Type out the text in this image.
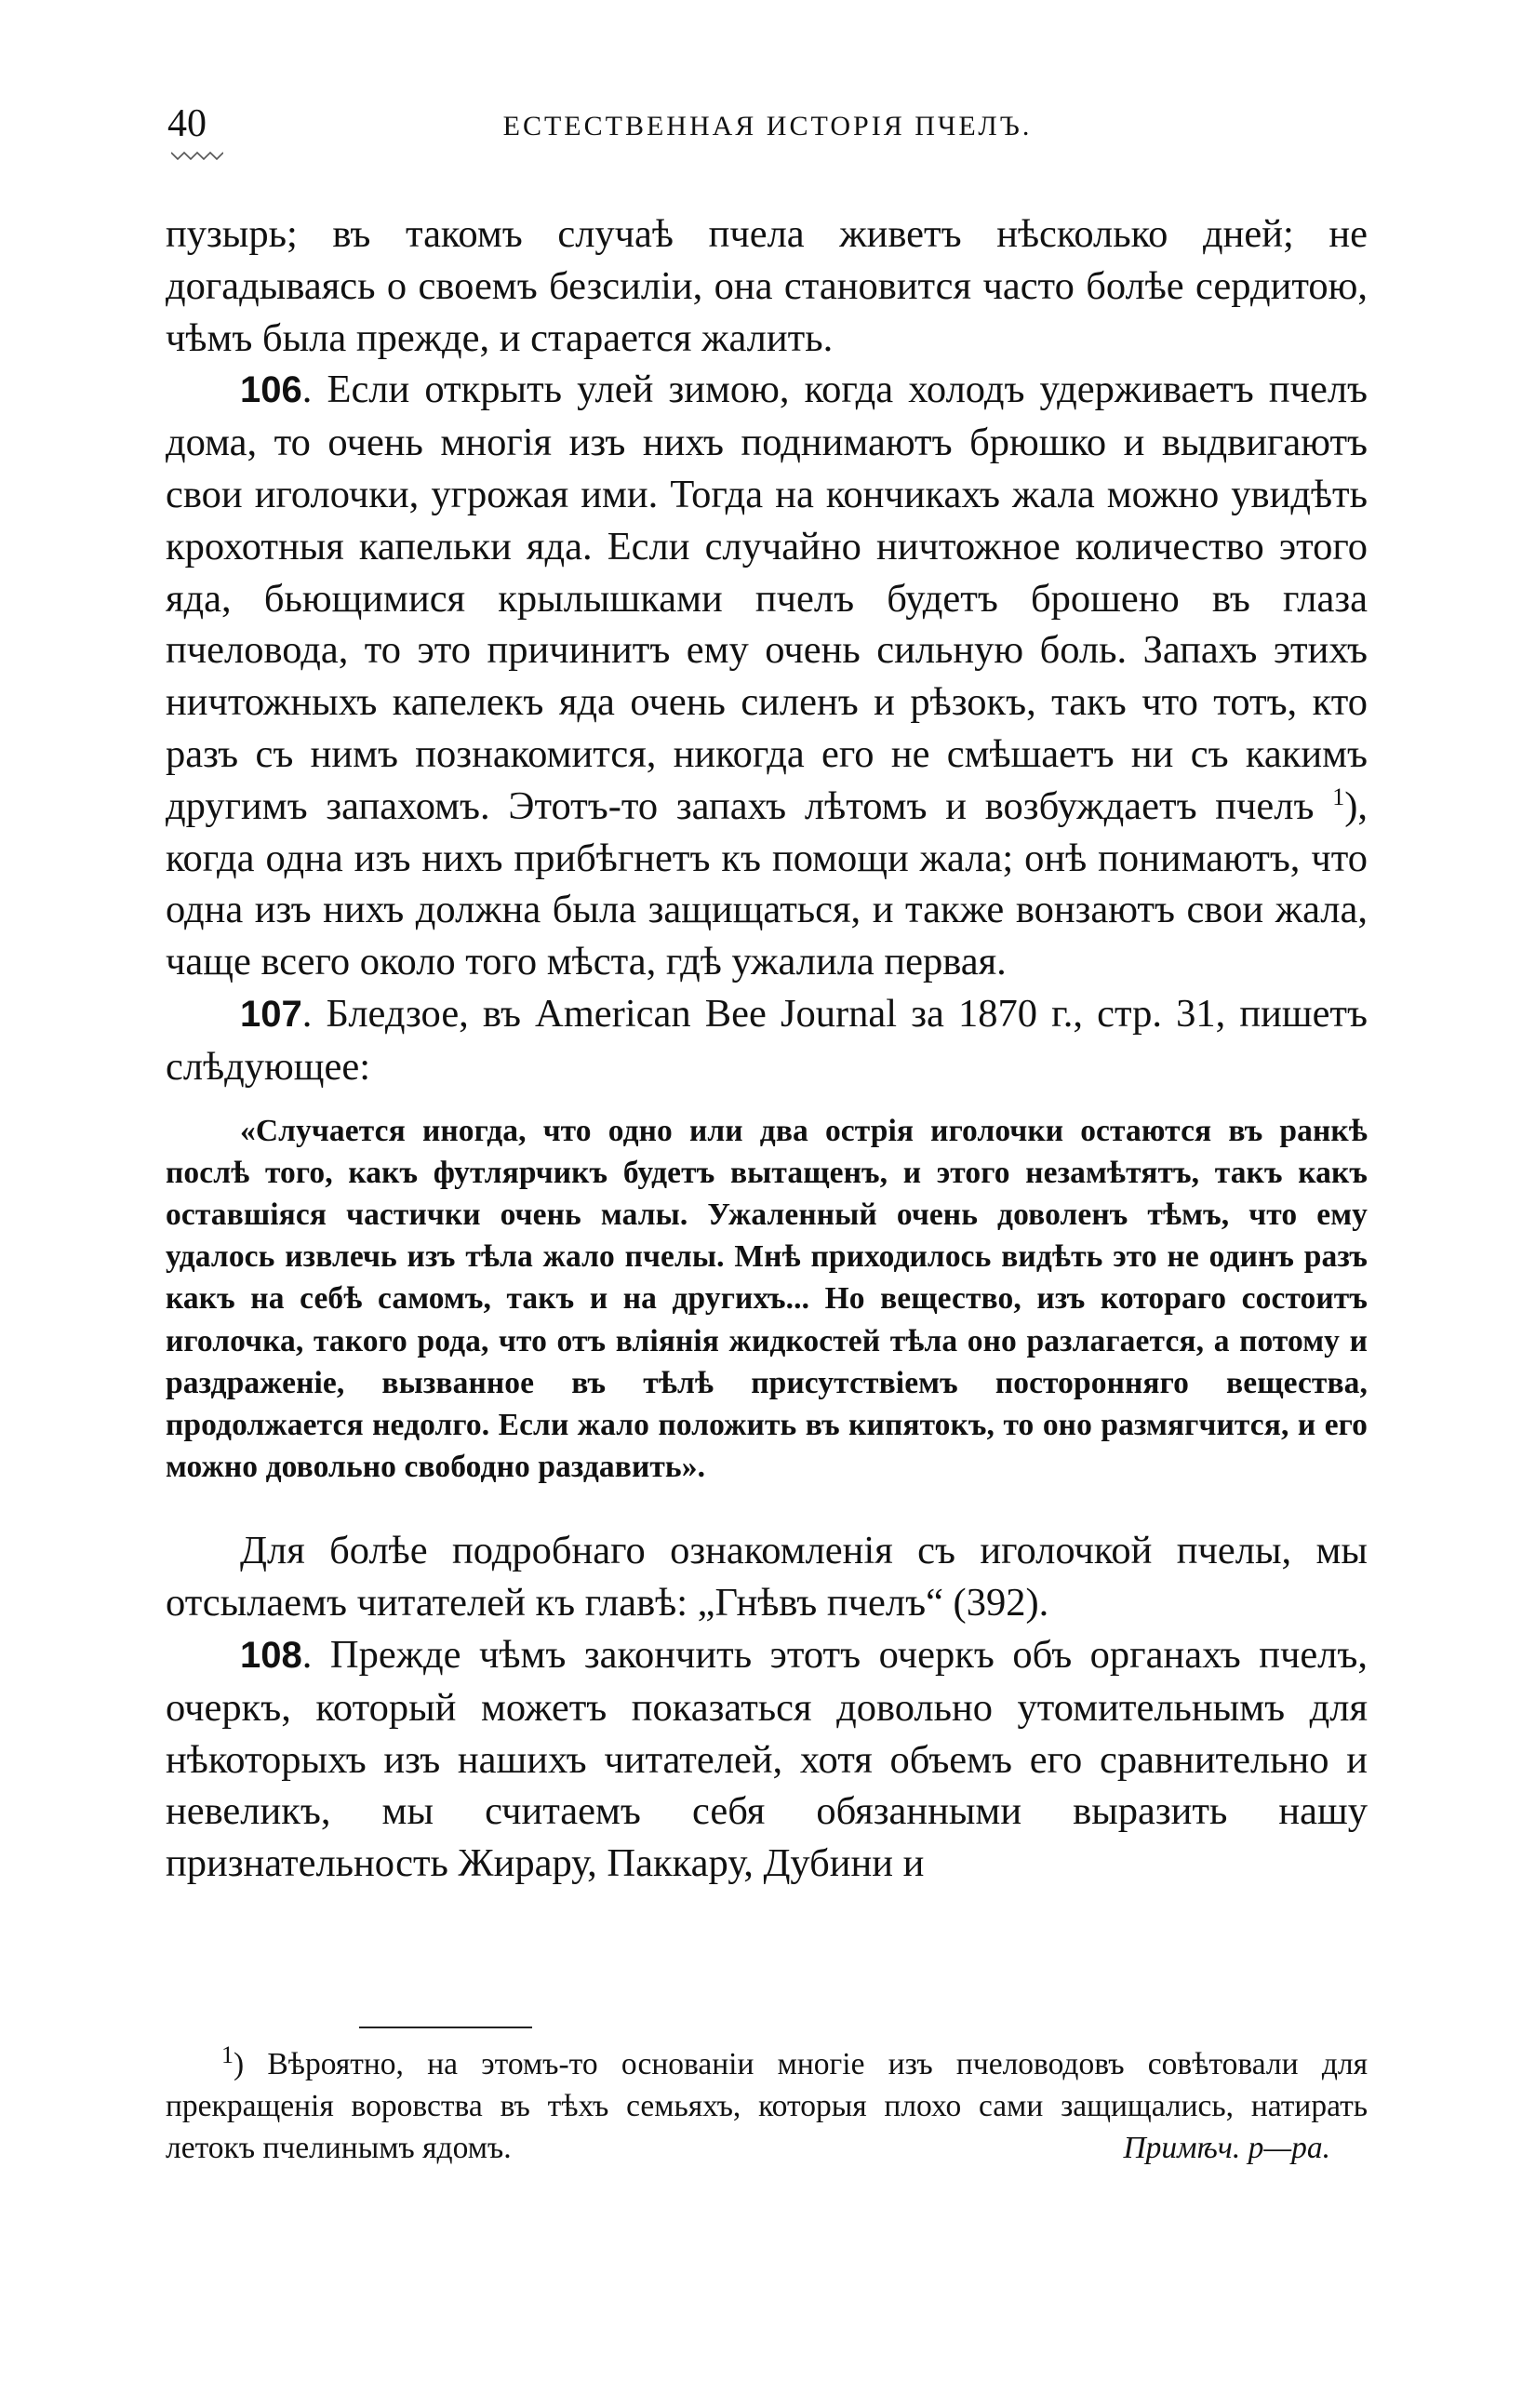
40	ЕСТЕСТВЕННАЯ ИСТОРІЯ ПЧЕЛЪ.

пузырь; въ такомъ случаѣ пчела живетъ нѣсколько дней; не догадываясь о своемъ безсиліи, она становится часто болѣе сердитою, чѣмъ была прежде, и старается жалить.

106. Если открыть улей зимою, когда холодъ удерживаетъ пчелъ дома, то очень многія изъ нихъ поднимаютъ брюшко и выдвигаютъ свои иголочки, угрожая ими. Тогда на кончикахъ жала можно увидѣть крохотныя капельки яда. Если случайно ничтожное количество этого яда, бьющимися крылышками пчелъ будетъ брошено въ глаза пчеловода, то это причинитъ ему очень сильную боль. Запахъ этихъ ничтожныхъ капелекъ яда очень силенъ и рѣзокъ, такъ что тотъ, кто разъ съ нимъ познакомится, никогда его не смѣшаетъ ни съ какимъ другимъ запахомъ. Этотъ-то запахъ лѣтомъ и возбуждаетъ пчелъ $^1$), когда одна изъ нихъ прибѣгнетъ къ помощи жала; онѣ понимаютъ, что одна изъ нихъ должна была защищаться, и также вонзаютъ свои жала, чаще всего около того мѣста, гдѣ ужалила первая.

107. Бледзое, въ American Bee Journal за 1870 г., стр. 31, пишетъ слѣдующее:

«Случается иногда, что одно или два острія иголочки остаются въ ранкѣ послѣ того, какъ футлярчикъ будетъ вытащенъ, и этого незамѣтятъ, такъ какъ оставшіяся частички очень малы. Ужаленный очень доволенъ тѣмъ, что ему удалось извлечь изъ тѣла жало пчелы. Мнѣ приходилось видѣть это не одинъ разъ какъ на себѣ самомъ, такъ и на другихъ... Но вещество, изъ котораго состоитъ иголочка, такого рода, что отъ вліянія жидкостей тѣла оно разлагается, а потому и раздраженіе, вызванное въ тѣлѣ присутствіемъ посторонняго вещества, продолжается недолго. Если жало положить въ кипятокъ, то оно размягчится, и его можно довольно свободно раздавить».

Для болѣе подробнаго ознакомленія съ иголочкой пчелы, мы отсылаемъ читателей къ главѣ: „Гнѣвъ пчелъ“ (392).

108. Прежде чѣмъ закончить этотъ очеркъ объ органахъ пчелъ, очеркъ, который можетъ показаться довольно утомительнымъ для нѣкоторыхъ изъ нашихъ читателей, хотя объемъ его сравнительно и невеликъ, мы считаемъ себя обязанными выразить нашу признательность Жирару, Паккару, Дубини и

$^1$) Вѣроятно, на этомъ-то основаніи многіе изъ пчеловодовъ совѣтовали для прекращенія воровства въ тѣхъ семьяхъ, которыя плохо сами защищались, натирать летокъ пчелинымъ ядомъ.	Примѣч. р—ра.
